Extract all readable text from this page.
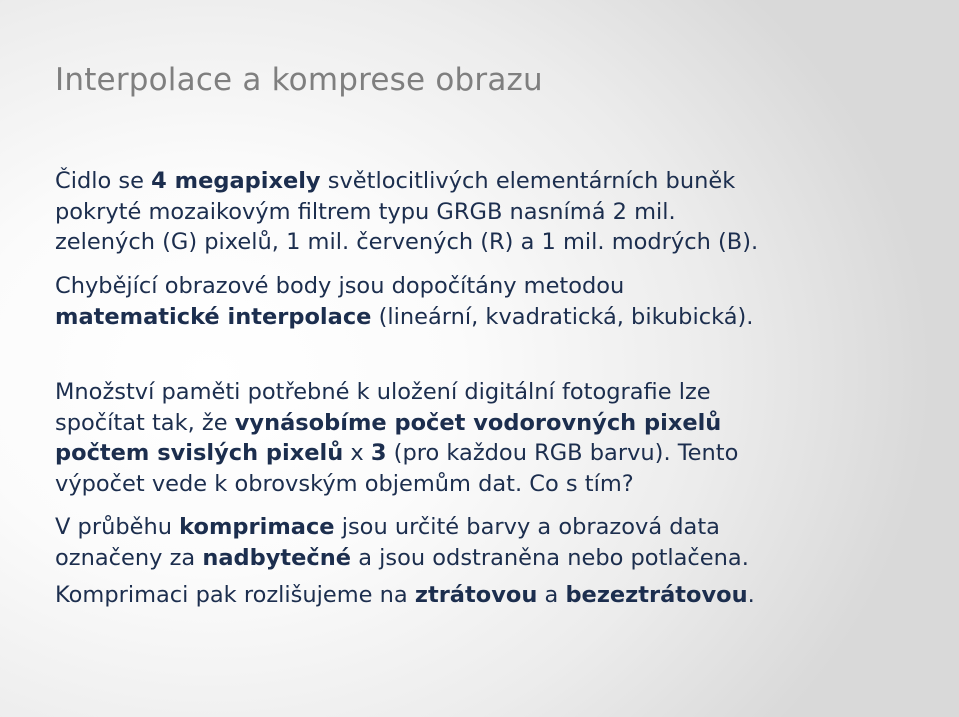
Interpolace a komprese obrazu
Čidlo se 4 megapixely světlocitlivých elementárních buněk
pokryté mozaikovým filtrem typu GRGB nasnímá 2 mil.
zelených (G) pixelů, 1 mil. červených (R) a 1 mil. modrých (B).
Chybějící obrazové body jsou dopočítány metodou
matematické interpolace (lineární, kvadratická, bikubická).
Množství paměti potřebné k uložení digitální fotografie lze
spočítat tak, že vynásobíme počet vodorovných pixelů
počtem svislých pixelů x 3 (pro každou RGB barvu). Tento
výpočet vede k obrovským objemům dat. Co s tím?
V průběhu komprimace jsou určité barvy a obrazová data
označeny za nadbytečné a jsou odstraněna nebo potlačena.
Komprimaci pak rozlišujeme na ztrátovou a bezeztrátovou.
